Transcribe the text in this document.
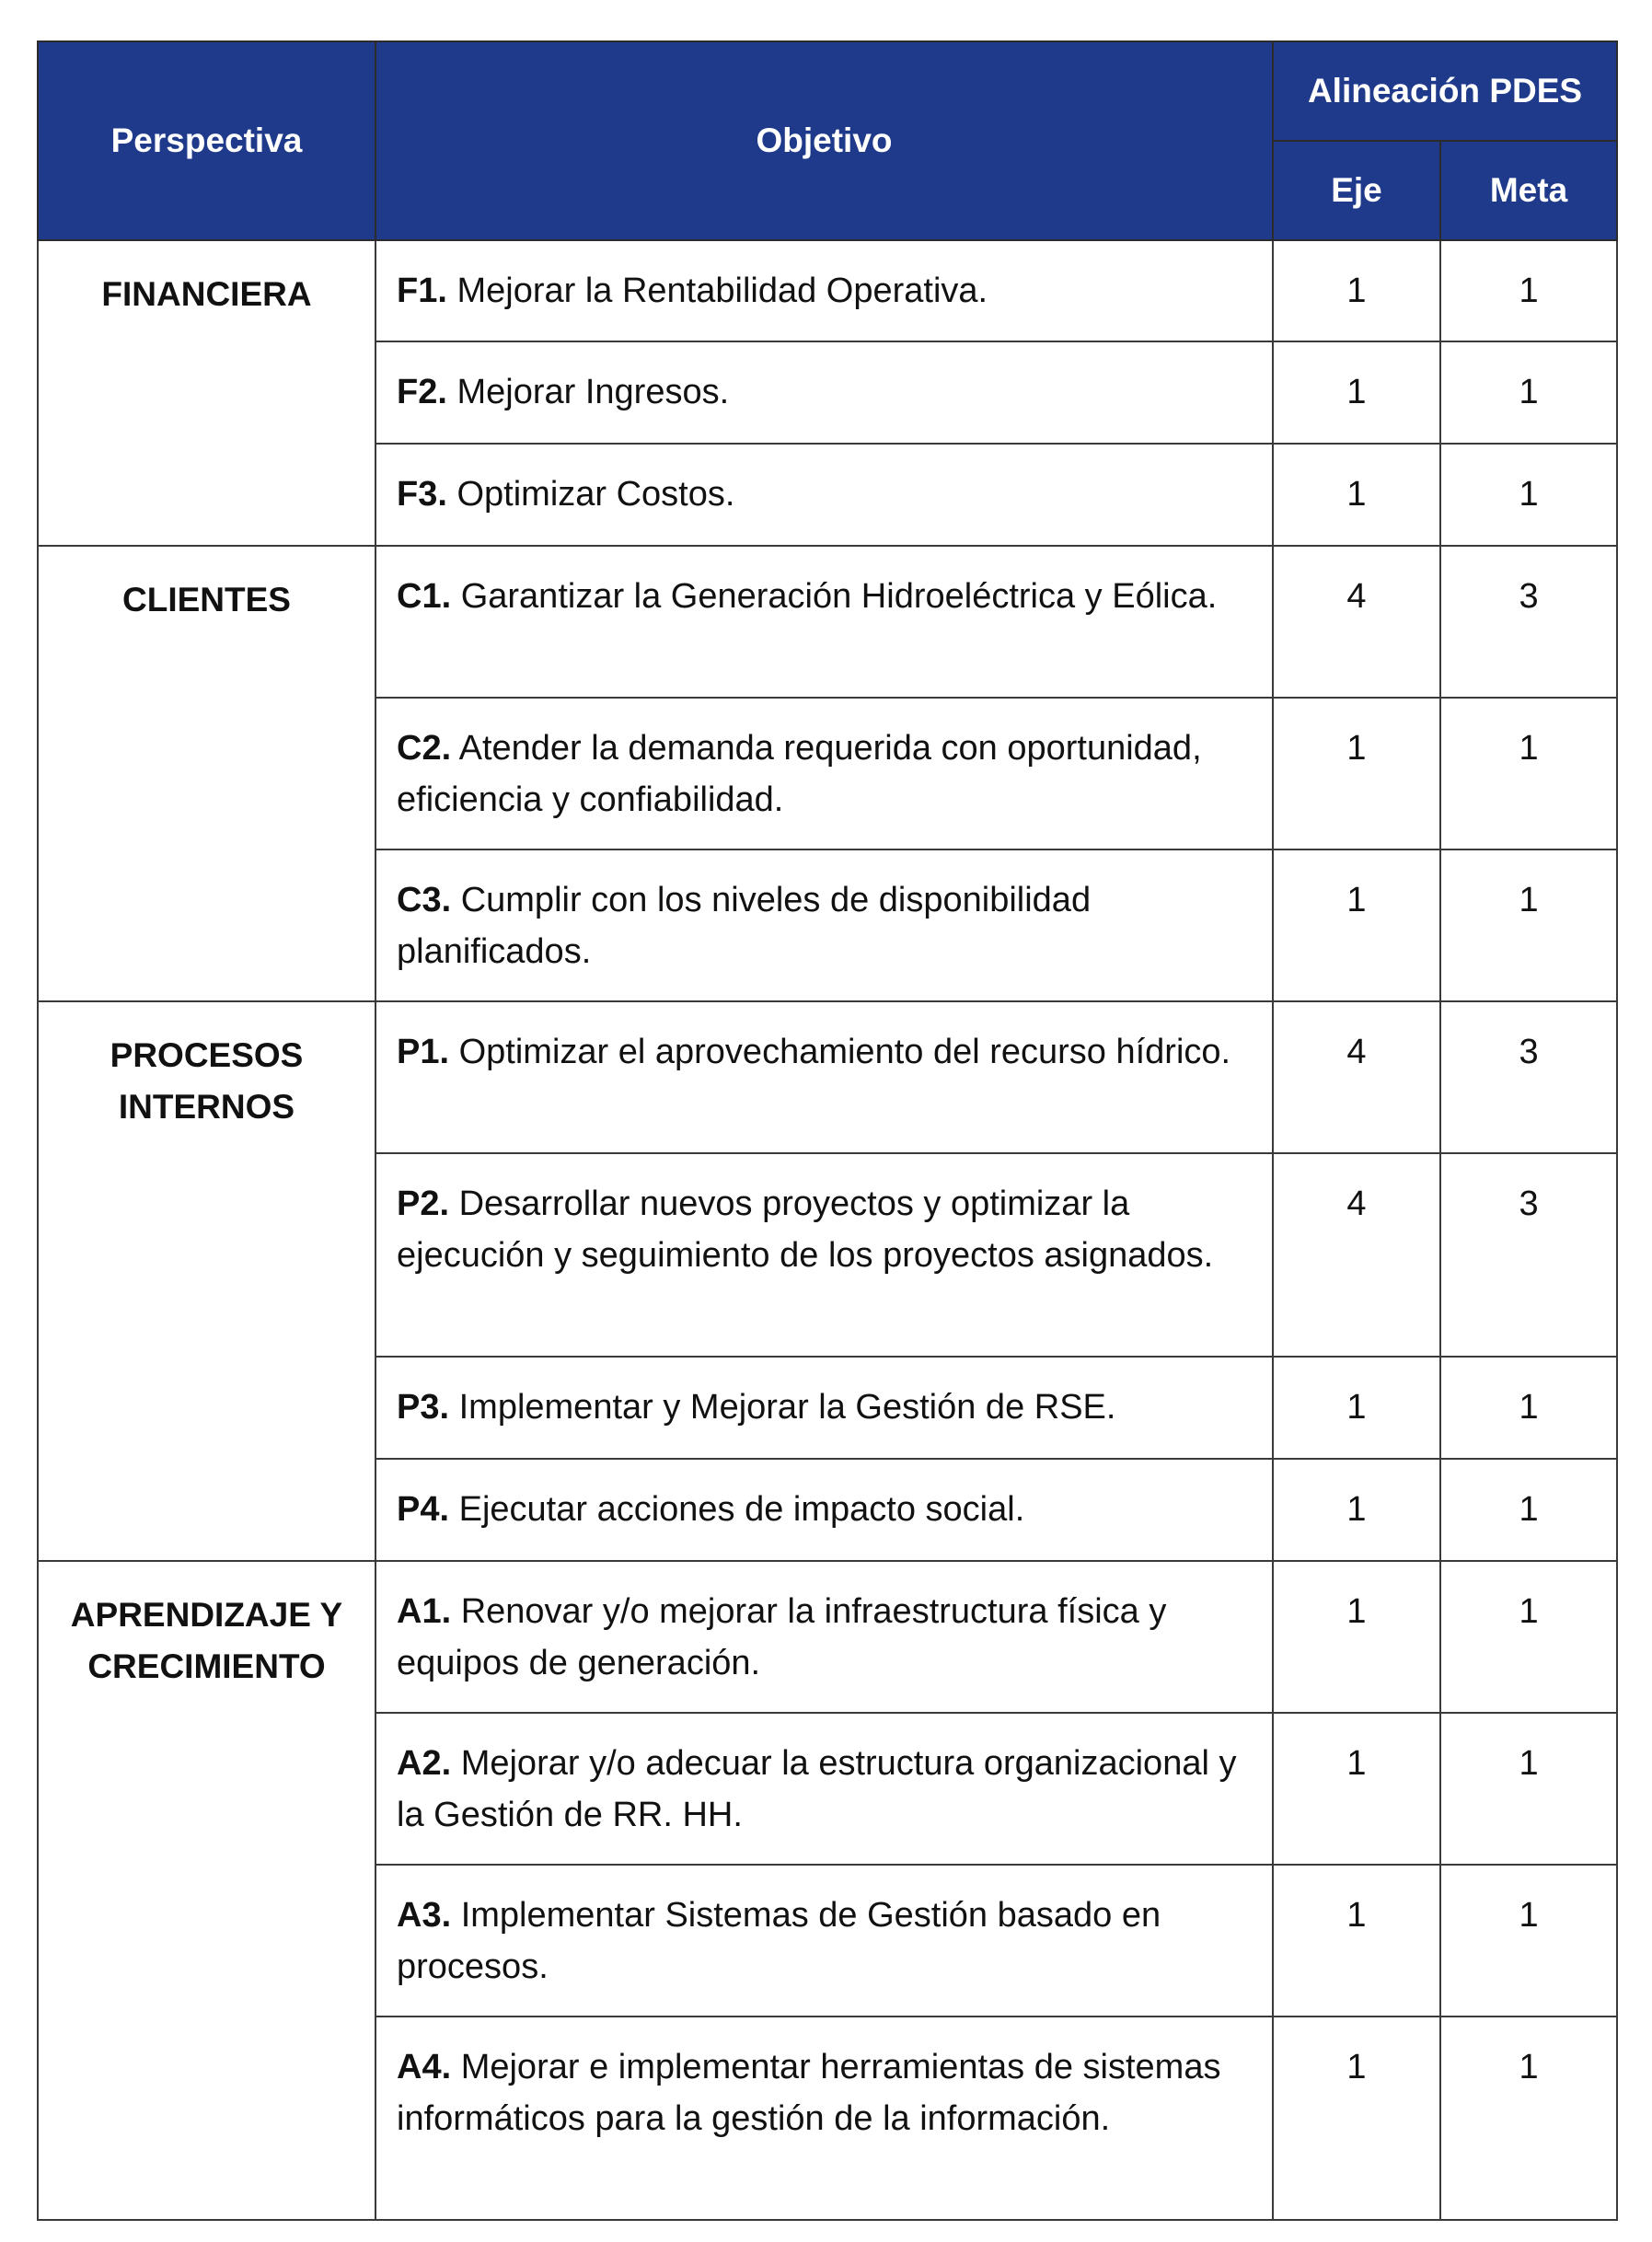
Perspectiva	Objetivo	Alineación PDES	
		Eje	Meta
FINANCIERA	F1. Mejorar la Rentabilidad Operativa.	1	1
	F2. Mejorar Ingresos.	1	1
	F3. Optimizar Costos.	1	1
CLIENTES	C1. Garantizar la Generación Hidroeléctrica y Eólica.	4	3
	C2. Atender la demanda requerida con oportunidad, eficiencia y confiabilidad.	1	1
	C3. Cumplir con los niveles de disponibilidad planificados.	1	1
PROCESOS INTERNOS	P1. Optimizar el aprovechamiento del recurso hídrico.	4	3
	P2. Desarrollar nuevos proyectos y optimizar la ejecución y seguimiento de los proyectos asignados.	4	3
	P3. Implementar y Mejorar la Gestión de RSE.	1	1
	P4. Ejecutar acciones de impacto social.	1	1
APRENDIZAJE Y CRECIMIENTO	A1. Renovar y/o mejorar la infraestructura física y equipos de generación.	1	1
	A2. Mejorar y/o adecuar la estructura organizacional y la Gestión de RR. HH.	1	1
	A3. Implementar Sistemas de Gestión basado en procesos.	1	1
	A4. Mejorar e implementar herramientas de sistemas informáticos para la gestión de la información.	1	1
